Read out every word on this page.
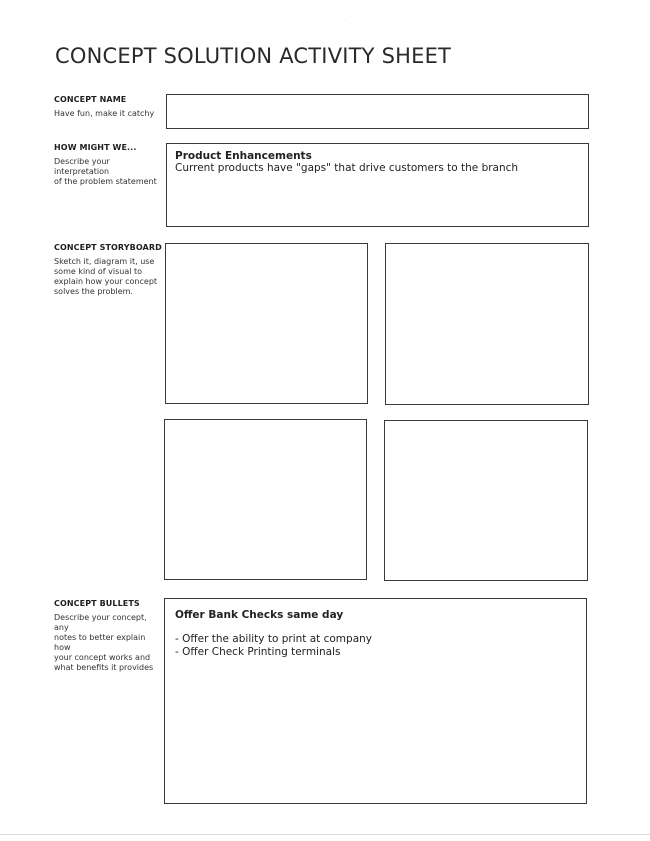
CONCEPT SOLUTION ACTIVITY SHEET
CONCEPT NAME
Have fun, make it catchy
HOW MIGHT WE...
Describe your interpretation
of the problem statement
Product Enhancements
Current products have "gaps" that drive customers to the branch
CONCEPT STORYBOARD
Sketch it, diagram it, use
some kind of visual to
explain how your concept
solves the problem.
CONCEPT BULLETS
Describe your concept, any
notes to better explain how
your concept works and
what benefits it provides
Offer Bank Checks same day
- Offer the ability to print at company
- Offer Check Printing terminals
˙
